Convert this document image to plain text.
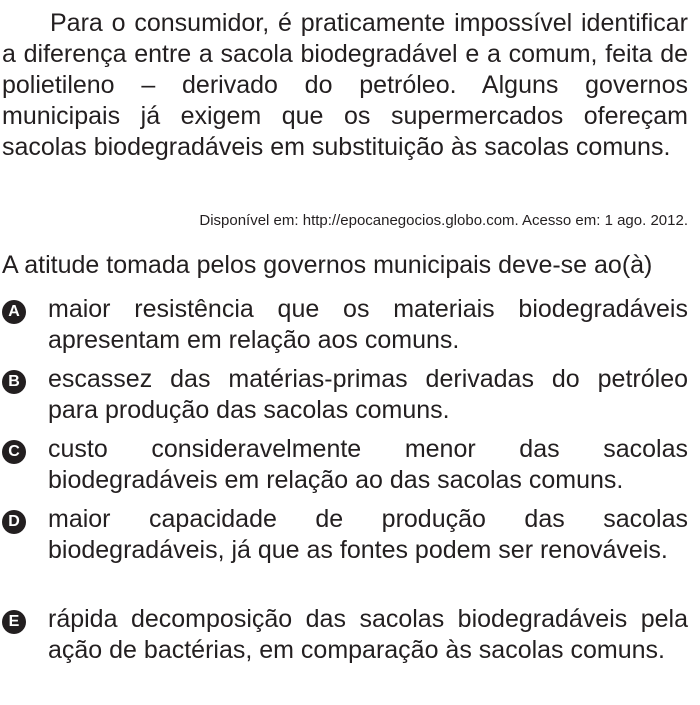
Para o consumidor, é praticamente impossível identificar a diferença entre a sacola biodegradável e a comum, feita de polietileno – derivado do petróleo. Alguns governos municipais já exigem que os supermercados ofereçam sacolas biodegradáveis em substituição às sacolas comuns.

Disponível em: http://epocanegocios.globo.com. Acesso em: 1 ago. 2012.

A atitude tomada pelos governos municipais deve-se ao(à)

A maior resistência que os materiais biodegradáveis apresentam em relação aos comuns.

B escassez das matérias-primas derivadas do petróleo para produção das sacolas comuns.

C custo consideravelmente menor das sacolas biodegradáveis em relação ao das sacolas comuns.

D maior capacidade de produção das sacolas biodegradáveis, já que as fontes podem ser renováveis.

E rápida decomposição das sacolas biodegradáveis pela ação de bactérias, em comparação às sacolas comuns.
